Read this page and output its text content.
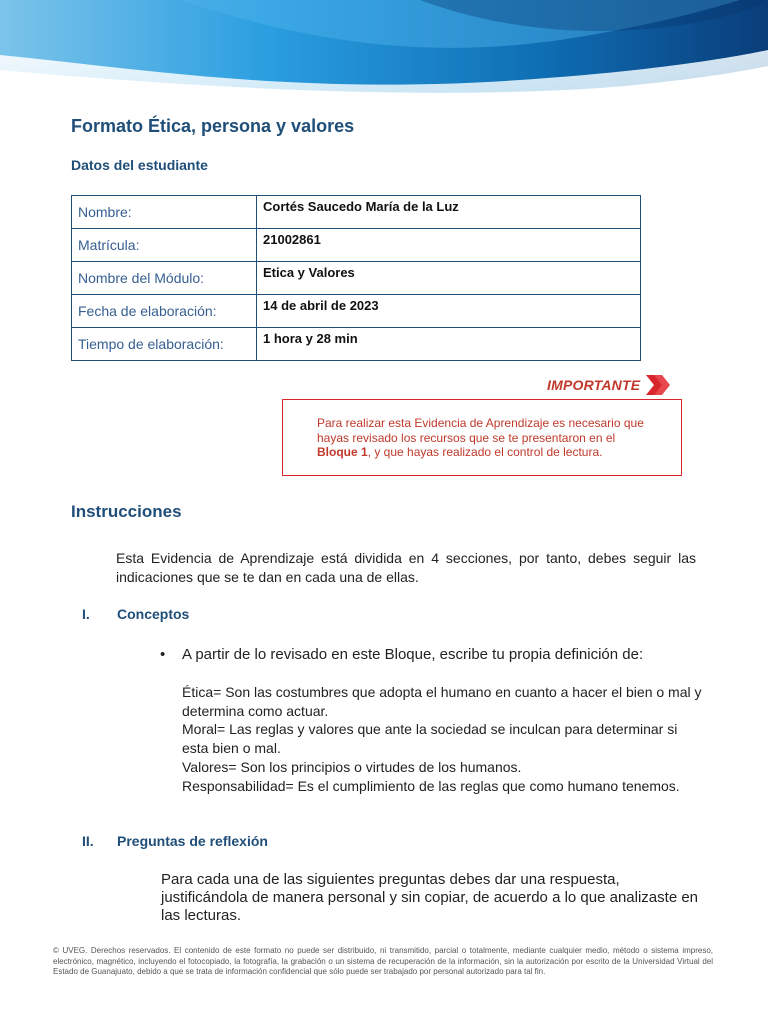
Formato Ética, persona y valores
Datos del estudiante
Nombre:	Cortés Saucedo María de la Luz
Matrícula:	21002861
Nombre del Módulo:	Etica y Valores
Fecha de elaboración:	14 de abril de 2023
Tiempo de elaboración:	1 hora y 28 min
IMPORTANTE

Para realizar esta Evidencia de Aprendizaje es necesario que hayas revisado los recursos que se te presentaron en el Bloque 1, y que hayas realizado el control de lectura.

Instrucciones

Esta Evidencia de Aprendizaje está dividida en 4 secciones, por tanto, debes seguir las indicaciones que se te dan en cada una de ellas.

I. Conceptos
• A partir de lo revisado en este Bloque, escribe tu propia definición de:
Ética= Son las costumbres que adopta el humano en cuanto a hacer el bien o mal y determina como actuar.
Moral= Las reglas y valores que ante la sociedad se inculcan para determinar si esta bien o mal.
Valores= Son los principios o virtudes de los humanos.
Responsabilidad= Es el cumplimiento de las reglas que como humano tenemos.
II. Preguntas de reflexión

Para cada una de las siguientes preguntas debes dar una respuesta, justificándola de manera personal y sin copiar, de acuerdo a lo que analizaste en las lecturas.

© UVEG. Derechos reservados. El contenido de este formato no puede ser distribuido, ni transmitido, parcial o totalmente, mediante cualquier medio, método o sistema impreso, electrónico, magnético, incluyendo el fotocopiado, la fotografía, la grabación o un sistema de recuperación de la información, sin la autorización por escrito de la Universidad Virtual del Estado de Guanajuato, debido a que se trata de información confidencial que sólo puede ser trabajado por personal autorizado para tal fin.
